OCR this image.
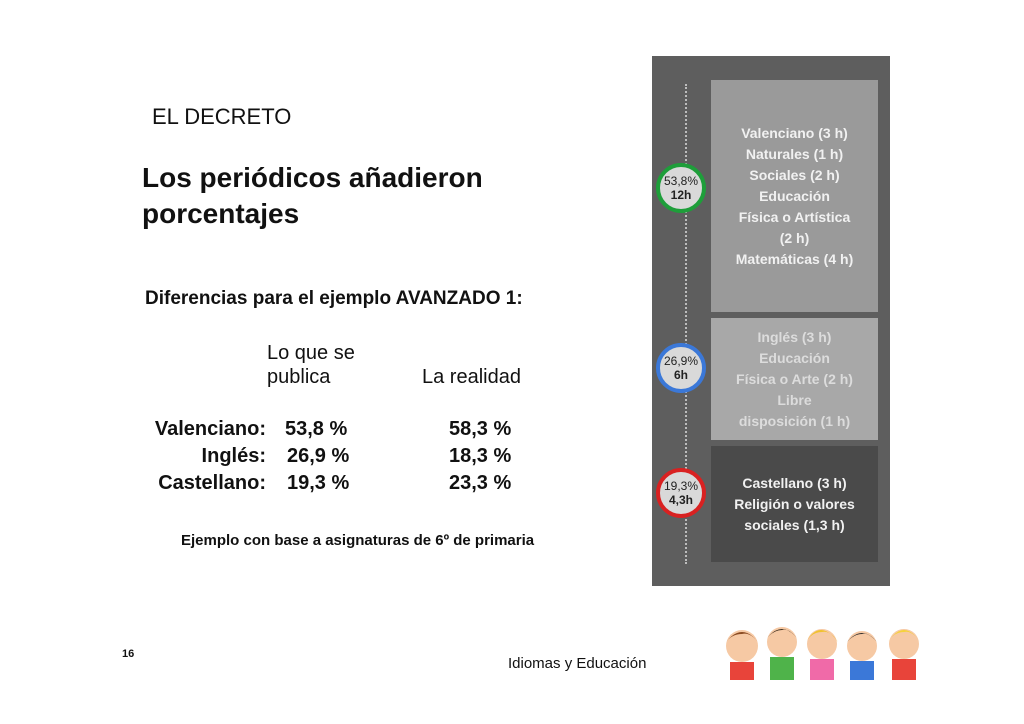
EL DECRETO
Los periódicos añadieron porcentajes
Diferencias para el ejemplo AVANZADO 1:
Lo que se
publica	La realidad
Valenciano: 53,8 %	58,3 %
Inglés: 26,9 %	18,3 %
Castellano: 19,3 %	23,3 %
Ejemplo con base a asignaturas de 6º de primaria
Valenciano (3 h)
Naturales (1 h)
Sociales (2 h)
Educación
Física o Artística
(2 h)
Matemáticas (4 h)
Inglés (3 h)
Educación
Física o Arte (2 h)
Libre
disposición (1 h)
Castellano (3 h)
Religión o valores
sociales (1,3 h)
53,8%
12h
26,9%
6h
19,3%
4,3h
16
Idiomas y Educación
